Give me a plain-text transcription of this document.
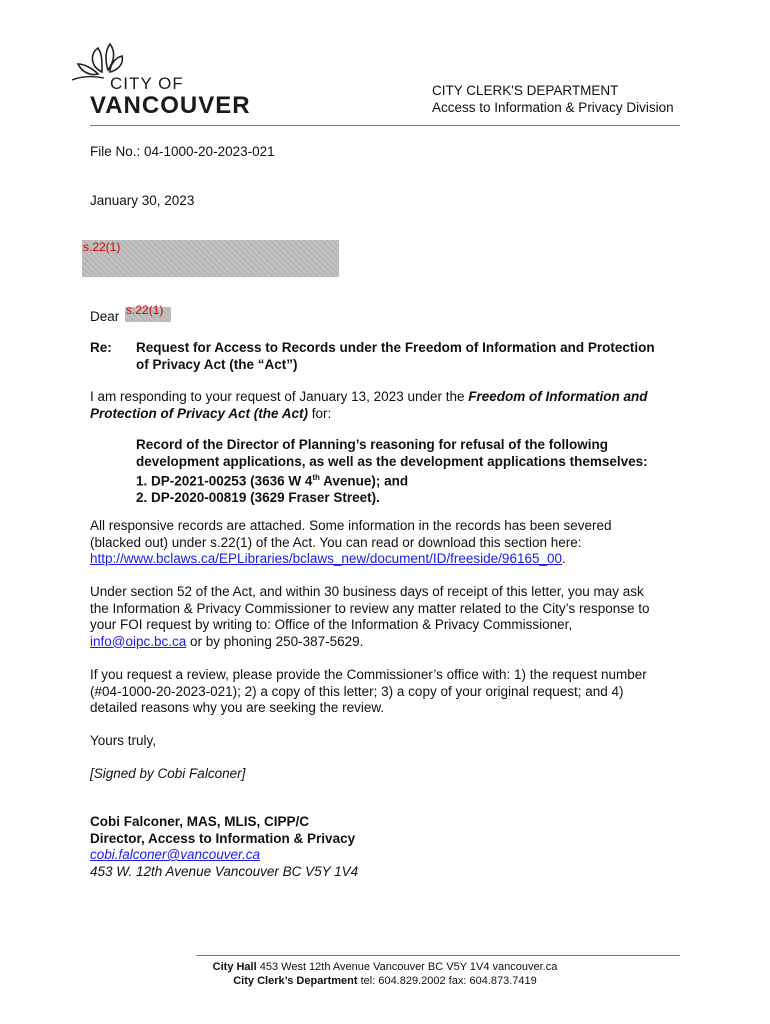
CITY OF
VANCOUVER
CITY CLERK'S DEPARTMENT
Access to Information & Privacy Division
File No.: 04-1000-20-2023-021
January 30, 2023
s.22(1)
Dear s.22(1)
Re:	Request for Access to Records under the Freedom of Information and Protection
of Privacy Act (the “Act”)
I am responding to your request of January 13, 2023 under the Freedom of Information and
Protection of Privacy Act (the Act) for:
Record of the Director of Planning’s reasoning for refusal of the following
development applications, as well as the development applications themselves:
1. DP-2021-00253 (3636 W 4th Avenue); and
2. DP-2020-00819 (3629 Fraser Street).
All responsive records are attached. Some information in the records has been severed
(blacked out) under s.22(1) of the Act. You can read or download this section here:
http://www.bclaws.ca/EPLibraries/bclaws_new/document/ID/freeside/96165_00.
Under section 52 of the Act, and within 30 business days of receipt of this letter, you may ask
the Information & Privacy Commissioner to review any matter related to the City’s response to
your FOI request by writing to: Office of the Information & Privacy Commissioner,
info@oipc.bc.ca or by phoning 250-387-5629.
If you request a review, please provide the Commissioner’s office with: 1) the request number
(#04-1000-20-2023-021); 2) a copy of this letter; 3) a copy of your original request; and 4)
detailed reasons why you are seeking the review.
Yours truly,
[Signed by Cobi Falconer]
Cobi Falconer, MAS, MLIS, CIPP/C
Director, Access to Information & Privacy
cobi.falconer@vancouver.ca
453 W. 12th Avenue Vancouver BC V5Y 1V4
City Hall 453 West 12th Avenue Vancouver BC V5Y 1V4 vancouver.ca
City Clerk’s Department tel: 604.829.2002 fax: 604.873.7419
